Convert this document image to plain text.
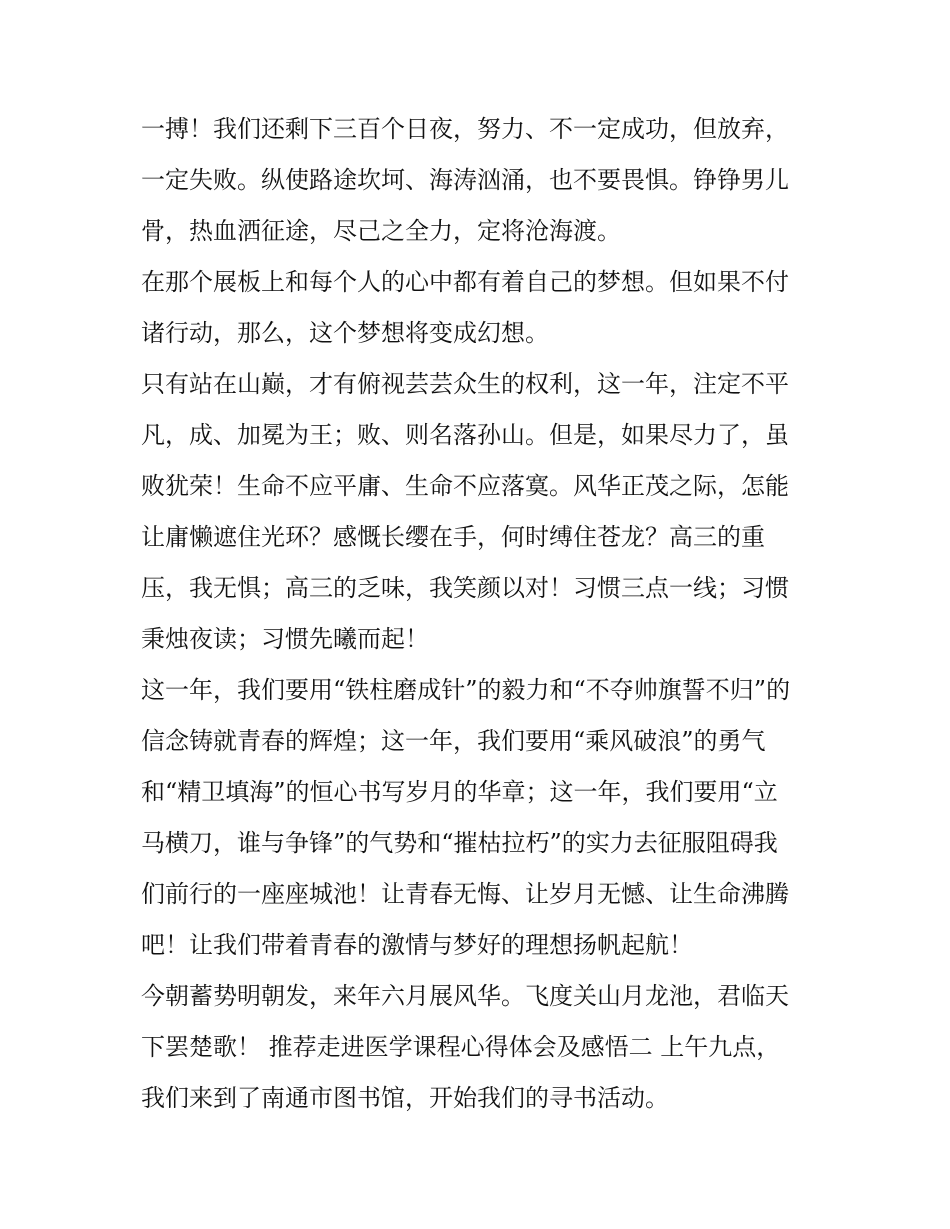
一搏！我们还剩下三百个日夜，努力、不一定成功，但放弃，
一定失败。纵使路途坎坷、海涛汹涌，也不要畏惧。铮铮男儿
骨，热血洒征途，尽己之全力，定将沧海渡。
在那个展板上和每个人的心中都有着自己的梦想。但如果不付
诸行动，那么，这个梦想将变成幻想。
只有站在山巅，才有俯视芸芸众生的权利，这一年，注定不平
凡，成、加冕为王；败、则名落孙山。但是，如果尽力了，虽
败犹荣！生命不应平庸、生命不应落寞。风华正茂之际，怎能
让庸懒遮住光环？感慨长缨在手，何时缚住苍龙？高三的重
压，我无惧；高三的乏味，我笑颜以对！习惯三点一线；习惯
秉烛夜读；习惯先曦而起！
这一年，我们要用“铁柱磨成针”的毅力和“不夺帅旗誓不归”的
信念铸就青春的辉煌；这一年，我们要用“乘风破浪”的勇气
和“精卫填海”的恒心书写岁月的华章；这一年，我们要用“立
马横刀，谁与争锋”的气势和“摧枯拉朽”的实力去征服阻碍我
们前行的一座座城池！让青春无悔、让岁月无憾、让生命沸腾
吧！让我们带着青春的激情与梦好的理想扬帆起航！
今朝蓄势明朝发，来年六月展风华。飞度关山月龙池，君临天
下罢楚歌！ 推荐走进医学课程心得体会及感悟二 上午九点，
我们来到了南通市图书馆，开始我们的寻书活动。
